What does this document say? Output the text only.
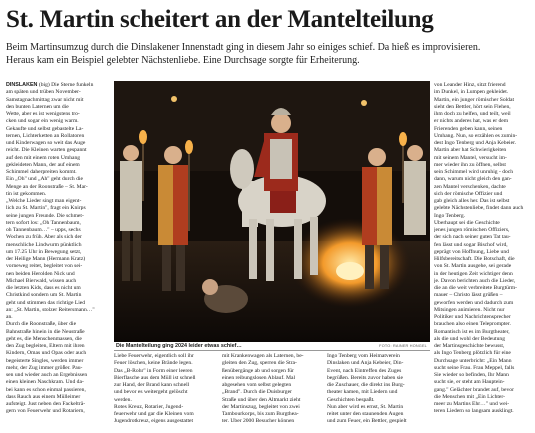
St. Martin scheitert an der Mantelteilung
Beim Martinsumzug durch die Dinslakener Innenstadt ging in diesem Jahr so einiges schief. Da hieß es improvisieren.
Heraus kam ein Beispiel gelebter Nächstenliebe. Eine Durchsage sorgte für Erheiterung.
DINSLAKEN (big) Die Sterne funkeln
am späten und trüben November-
Samstagnachmittag zwar nicht mit
den bunten Laternen um die
Wette, aber es ist wenigstens tro-
cken und sogar ein wenig warm.
Gekaufte und selbst gebastelte La-
ternen, Lichterketten an Rollatoren
und Kinderwagen so weit das Auge
reicht. Die Kleinen warten gespannt
auf den mit einem roten Umhang
gekleideten Mann, der auf einem
Schimmel daherpreiten kommt.
Ein „Oh" und „Ah" geht durch die
Menge an der Roonstraße – St. Mar-
tin ist gekommen.
„Welche Lieder singt man eigent-
lich zu St. Martin", fragt ein Knirps
seine jungen Freunde. Die schmet-
tern sofort los: „Oh Tannenbaum,
oh Tannenbaum…" – upps, sechs
Wochen zu früh. Aber als sich der
menschliche Lindwurm pünktlich
um 17.25 Uhr in Bewegung setzt,
der Heilige Mann (Hermann Kratz)
vorneweg reitet, begleitet von sei-
nen beiden Herolden Nick und
Michael Bierwald, wissen auch
die letzten Kids, dass es nicht um
Christkind sondern um St. Martin
geht und stimmen das richtige Lied
an: „St. Martin, stolzer Reitersmann…"
an.
Durch die Roonstraße, über die
Bahnstraße hinein in die Neustraße
geht es, die Menschenmassen, die
den Zug begleiten, Eltern mit ihren
Kindern, Omas und Opas oder auch
begeisterte Singles, werden immer
mehr, der Zug immer größer. Pau-
sen und wieder auch an Ergebnissen
einen kleinen Naschkram. Und da-
bei kann es schon einmal passieren,
dass Rauch aus einem Mülleimer
aufsteigt. Just neben den Fackelträ-
gern von Feuerwehr und Rotariern,
Die Mantelteilung ging 2024 leider etwas schief…	FOTO: RAINER HONGEL
Liebe Feuerwehr, eigentlich soll ihr
Feuer löschen, keine Brände legen.
Das „B-Rohr" in Form einer leeren
Bierflasche aus dem Müll ist schnell
zur Hand, der Brand kann schnell
und bevor es weitergeht gelöscht
werden.
Rotes Kreuz, Rotarier, Jugend-
feuerwehr und gar die Kleinen vom
Jugendrotkreuz, eigens ausgestattet
mit Krankenwagen als Laternen, be-
gleiten den Zug, sperren die Stra-
ßenübergänge ab und sorgen für
einen reibungslosen Ablauf. Mal
abgesehen vom selbst gelegten
„Brand". Durch die Duisburger
Straße und über den Altmarkt zieht
der Martinszug, begleitet von zwei
Tambourkorps, bis zum Burgthea-
ter. Über 2000 Besucher können
Ingo Tenberg vom Heimatverein
Dinslaken und Anja Kebeier, Din-
Event, nach Eintreffen des Zuges
begrüßen. Bereits zuvor haben sie
die Zuschauer, die direkt ins Burg-
theater kamen, mit Liedern und
Geschichten bespaßt.
Nun aber wird es ernst, St. Martin
reitet unter den staunenden Augen
und zum Feuer, ein Bettler, gespielt
von Leander Hinz, sitzt frierend
im Dunkel, in Lumpen gekleidet.
Martin, ein junger römischer Soldat
sieht den Bettler, hört sein Flehen,
ihm doch zu helfen, und teilt, weil
er nichts anderes hat, was er dem
Frierenden geben kann, seinen
Umhang. Nun, so erzählen es zumin-
dest Ingo Tenberg und Anja Kebeier.
Martin aber hat Schwierigkeiten
mit seinem Mantel, versucht im-
mer wieder ihn zu öffnen, selbst
sein Schimmel wird unruhig - doch
dann, warum nicht gleich den gan-
zen Mantel verschenken, dachte
sich der römische Offizier und
gab gleich alles her. Das ist selbst
gelebte Nächstenliebe, findet dann auch
Ingo Tenberg.
Überhaupt sei die Geschichte
jenes jungen römischen Offiziers,
der sich nach seiner guten Tat tau-
fen lässt und sogar Bischof wird,
geprägt von Hoffnung, Liebe und
Hilfsbereitschaft. Die Botschaft, die
von St. Martin ausgehe, sei gerade
in der heutigen Zeit wichtiger denn
je. Davon berichten auch die Lieder,
die an die weit verbreitete Burgtürm-
mauer – Christo lässt grüßen –
geworfen werden und dadurch zum
Mitsingen animieren. Nicht nur
Politiker und Nachrichtensprecher
brauchen also einen Teleprompter.
Romantisch ist es im Burgtheater,
als die und wohl der Bedeutung
der Martinsgeschichte bewusst,
als Ingo Tenberg plötzlich für eine
Durchsage unterbricht: „Ein Mann
sucht seine Frau. Frau Meppel, falls
Sie wieder so befinden, Ihr Mann
sucht sie, er steht am Hauptein-
gang." Gelächter brandet auf, bevor
die Menschen mit „Ein Lichter-
meer zu Martins Ehr…" und wei-
teren Liedern so langsam ausklingt.
